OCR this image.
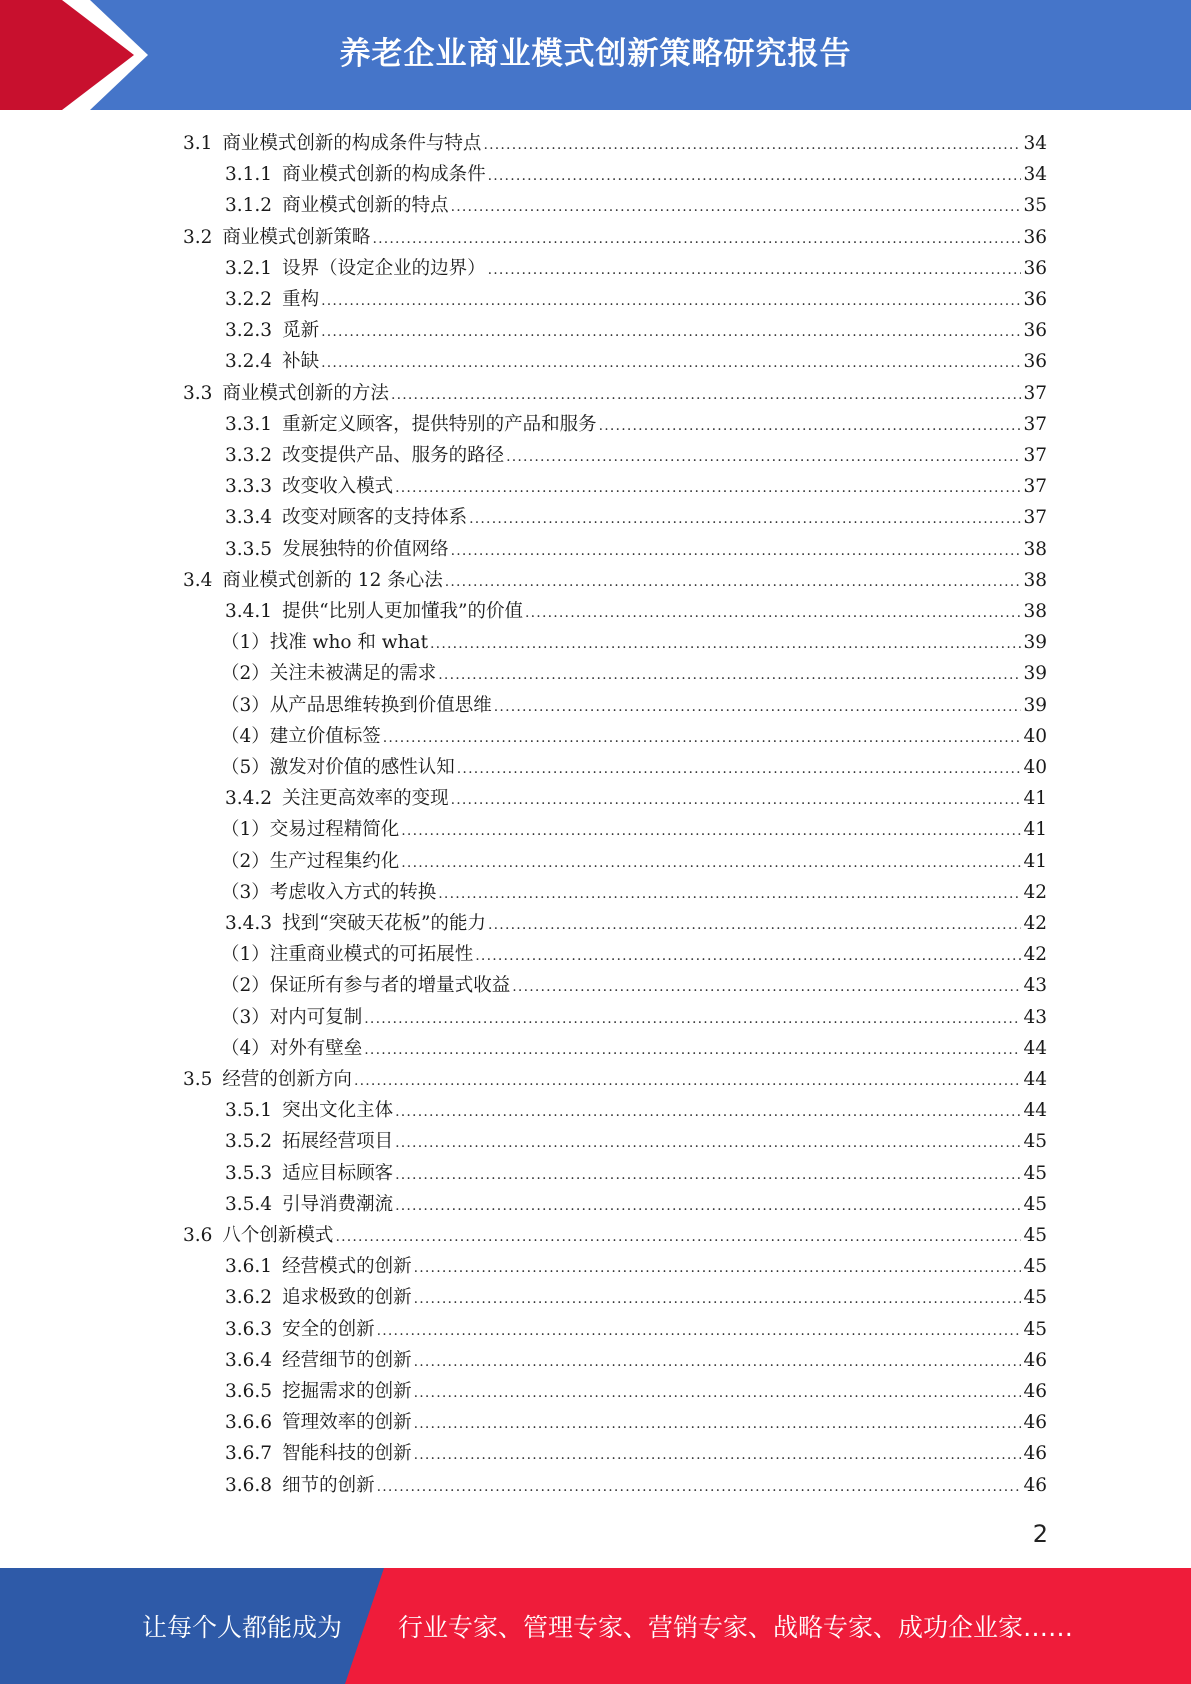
养老企业商业模式创新策略研究报告
3.1 商业模式创新的构成条件与特点 .....	34
3.1.1 商业模式创新的构成条件 .....	34
3.1.2 商业模式创新的特点 .....	35
3.2 商业模式创新策略 .....	36
3.2.1 设界（设定企业的边界） .....	36
3.2.2 重构 .....	36
3.2.3 觅新 .....	36
3.2.4 补缺 .....	36
3.3 商业模式创新的方法 .....	37
3.3.1 重新定义顾客，提供特别的产品和服务 .....	37
3.3.2 改变提供产品、服务的路径 .....	37
3.3.3 改变收入模式 .....	37
3.3.4 改变对顾客的支持体系 .....	37
3.3.5 发展独特的价值网络 .....	38
3.4 商业模式创新的 12 条心法 .....	38
3.4.1 提供“比别人更加懂我”的价值 .....	38
（1）找准 who 和 what .....	39
（2）关注未被满足的需求 .....	39
（3）从产品思维转换到价值思维 .....	39
（4）建立价值标签 .....	40
（5）激发对价值的感性认知 .....	40
3.4.2 关注更高效率的变现 .....	41
（1）交易过程精简化 .....	41
（2）生产过程集约化 .....	41
（3）考虑收入方式的转换 .....	42
3.4.3 找到“突破天花板”的能力 .....	42
（1）注重商业模式的可拓展性 .....	42
（2）保证所有参与者的增量式收益 .....	43
（3）对内可复制 .....	43
（4）对外有壁垒 .....	44
3.5 经营的创新方向 .....	44
3.5.1 突出文化主体 .....	44
3.5.2 拓展经营项目 .....	45
3.5.3 适应目标顾客 .....	45
3.5.4 引导消费潮流 .....	45
3.6 八个创新模式 .....	45
3.6.1 经营模式的创新 .....	45
3.6.2 追求极致的创新 .....	45
3.6.3 安全的创新 .....	45
3.6.4 经营细节的创新 .....	46
3.6.5 挖掘需求的创新 .....	46
3.6.6 管理效率的创新 .....	46
3.6.7 智能科技的创新 .....	46
3.6.8 细节的创新 .....	46
2
让每个人都能成为 行业专家、管理专家、营销专家、战略专家、成功企业家……
